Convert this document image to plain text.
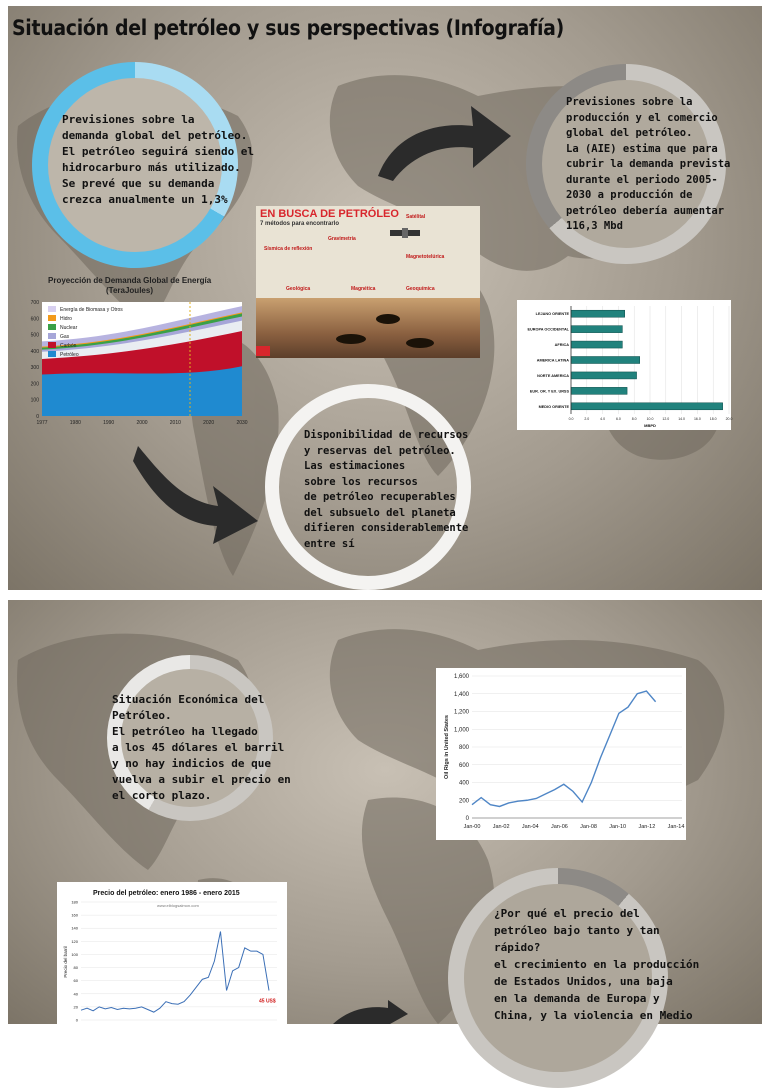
Situación del petróleo y sus perspectivas (Infografía)
Previsiones sobre la
demanda global del petróleo.
El petróleo seguirá siendo el
hidrocarburo más utilizado.
Se prevé que su demanda
crezca anualmente un 1,3%
Previsiones sobre la
producción y el comercio
global del petróleo.
La (AIE) estima que para
cubrir la demanda prevista
durante el periodo 2005-
2030 a producción de
petróleo debería aumentar
116,3 Mbd
Disponibilidad de recursos
y reservas del petróleo.
Las estimaciones
sobre los recursos
de petróleo recuperables
del subsuelo del planeta
difieren considerablemente
entre sí
Proyección de Demanda Global de Energía
(TeraJoules)
0
100
200
300
400
500
600
700
1977	1980	1990	2000	2010	2020	2030
Energía de Biomasa y Otros
Hidro
Nuclear
Gas
Carbón
Petróleo
EN BUSCA DE PETRÓLEO
7 métodos para encontrarlo
Satélital
Gravimetría
Sísmica de reflexión
Geológica	Magnética	Geoquímica
Magnetotelúrica
0.0	2.0	4.0	6.0	8.0	10.0	12.0	14.0	16.0	18.0	20.0
LEJANO ORIENTE
EUROPA OCCIDENTAL
AFRICA
AMERICA LATINA
NORTE AMERICA
EUR. OR. Y EX. URSS
MEDIO ORIENTE
MBPD
Situación Económica del
Petróleo.
El petróleo ha llegado
a los 45 dólares el barril
y no hay indicios de que
vuelva a subir el precio en
el corto plazo.
¿Por qué el precio del
petróleo bajo tanto y tan
rápido?
el crecimiento en la producción
de Estados Unidos, una baja
en la demanda de Europa y
China, y la violencia en Medio
0
200
400
600
800
1,000
1,200
1,400
1,600
Jan-00 Jan-02 Jan-04 Jan-06 Jan-08 Jan-10 Jan-12 Jan-14
Oil Rigs in United States
Precio del petróleo: enero 1986 - enero 2015
www.elblogsalmon.com
0
20
40
60
80
100
120
140
160
180
Precio del barril
45 US$
